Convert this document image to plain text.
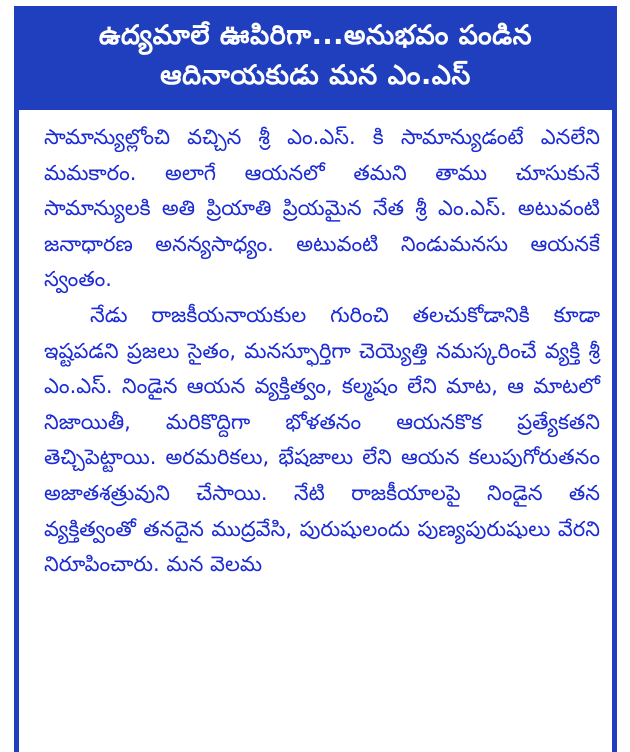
ఉద్యమాలే ఊపిరిగా...అనుభవం పండిన
ఆదినాయకుడు మన ఎం.ఎస్

సామాన్యుల్లోంచి వచ్చిన శ్రీ ఎం.ఎస్. కి సామాన్యుడంటే ఎనలేని మమకారం. అలాగే ఆయనలో తమని తాము చూసుకునే సామాన్యులకి అతి ప్రియాతి ప్రియమైన నేత శ్రీ ఎం.ఎస్. అటువంటి జనాధారణ అనన్యసాధ్యం. అటువంటి నిండుమనసు ఆయనకే స్వంతం.

నేడు రాజకీయనాయకుల గురించి తలచుకోడానికి కూడా ఇష్టపడని ప్రజలు సైతం, మనస్ఫూర్తిగా చెయ్యెత్తి నమస్కరించే వ్యక్తి శ్రీ ఎం.ఎస్. నిండైన ఆయన వ్యక్తిత్వం, కల్మషం లేని మాట, ఆ మాటలో నిజాయితీ, మరికొద్దిగా భోళతనం ఆయనకొక ప్రత్యేకతని తెచ్చిపెట్టాయి. అరమరికలు, భేషజాలు లేని ఆయన కలుపుగోరుతనం అజాతశత్రువుని చేసాయి. నేటి రాజకీయాలపై నిండైన తన వ్యక్తిత్వంతో తనదైన ముద్రవేసి, పురుషులందు పుణ్యపురుషులు వేరని నిరూపించారు. మన వెలమ
